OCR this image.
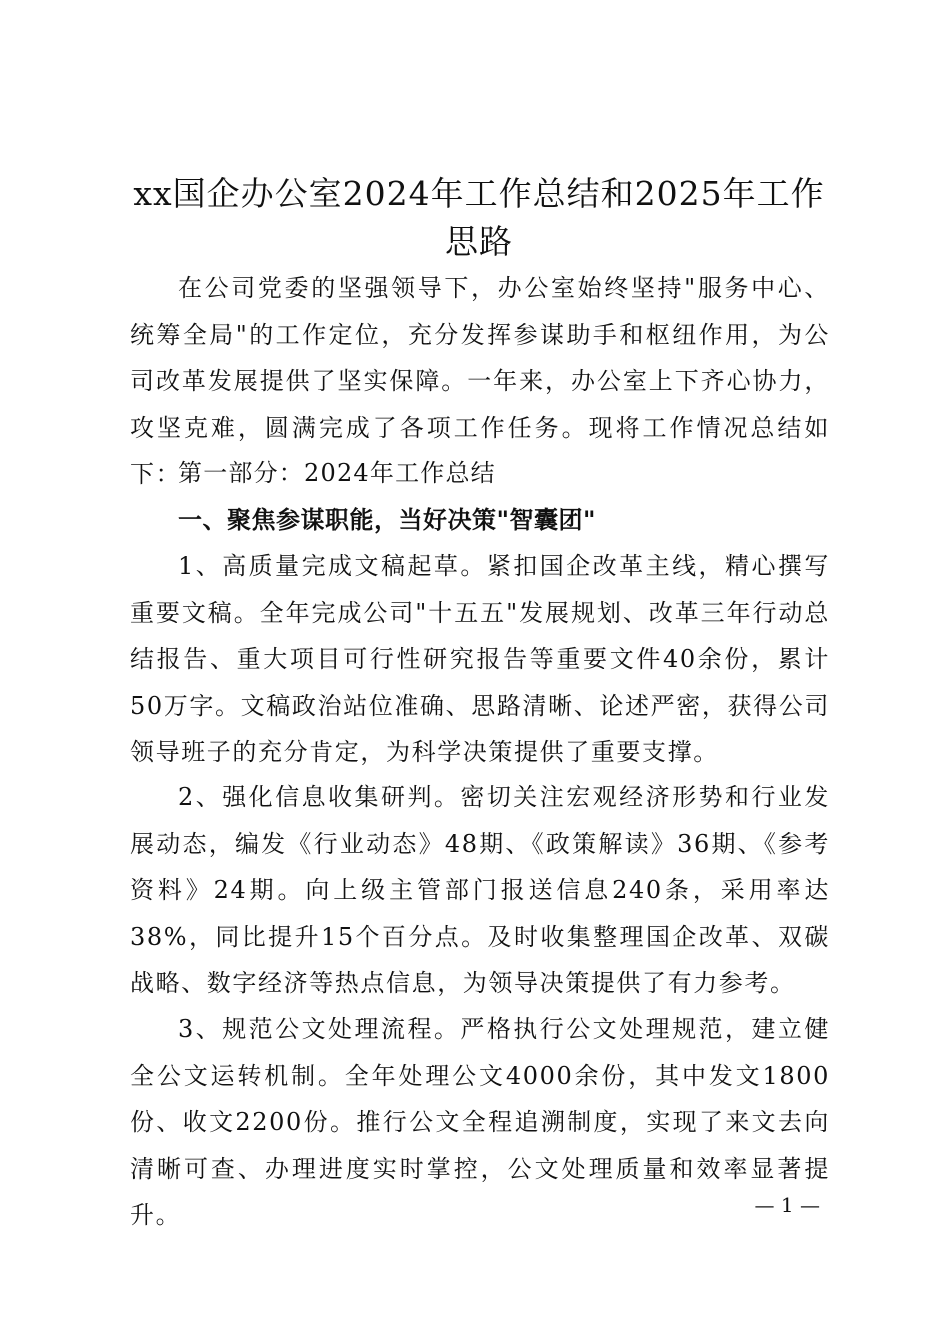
xx国企办公室2024年工作总结和2025年工作思路

在公司党委的坚强领导下，办公室始终坚持"服务中心、统筹全局"的工作定位，充分发挥参谋助手和枢纽作用，为公司改革发展提供了坚实保障。一年来，办公室上下齐心协力，攻坚克难，圆满完成了各项工作任务。现将工作情况总结如下：

第一部分：2024年工作总结

一、聚焦参谋职能，当好决策"智囊团"

1、高质量完成文稿起草。紧扣国企改革主线，精心撰写重要文稿。全年完成公司"十五五"发展规划、改革三年行动总结报告、重大项目可行性研究报告等重要文件40余份，累计50万字。文稿政治站位准确、思路清晰、论述严密，获得公司领导班子的充分肯定，为科学决策提供了重要支撑。

2、强化信息收集研判。密切关注宏观经济形势和行业发展动态，编发《行业动态》48期、《政策解读》36期、《参考资料》24期。向上级主管部门报送信息240条，采用率达38%，同比提升15个百分点。及时收集整理国企改革、双碳战略、数字经济等热点信息，为领导决策提供了有力参考。

3、规范公文处理流程。严格执行公文处理规范，建立健全公文运转机制。全年处理公文4000余份，其中发文1800份、收文2200份。推行公文全程追溯制度，实现了来文去向清晰可查、办理进度实时掌控，公文处理质量和效率显著提升。	— 1 —
